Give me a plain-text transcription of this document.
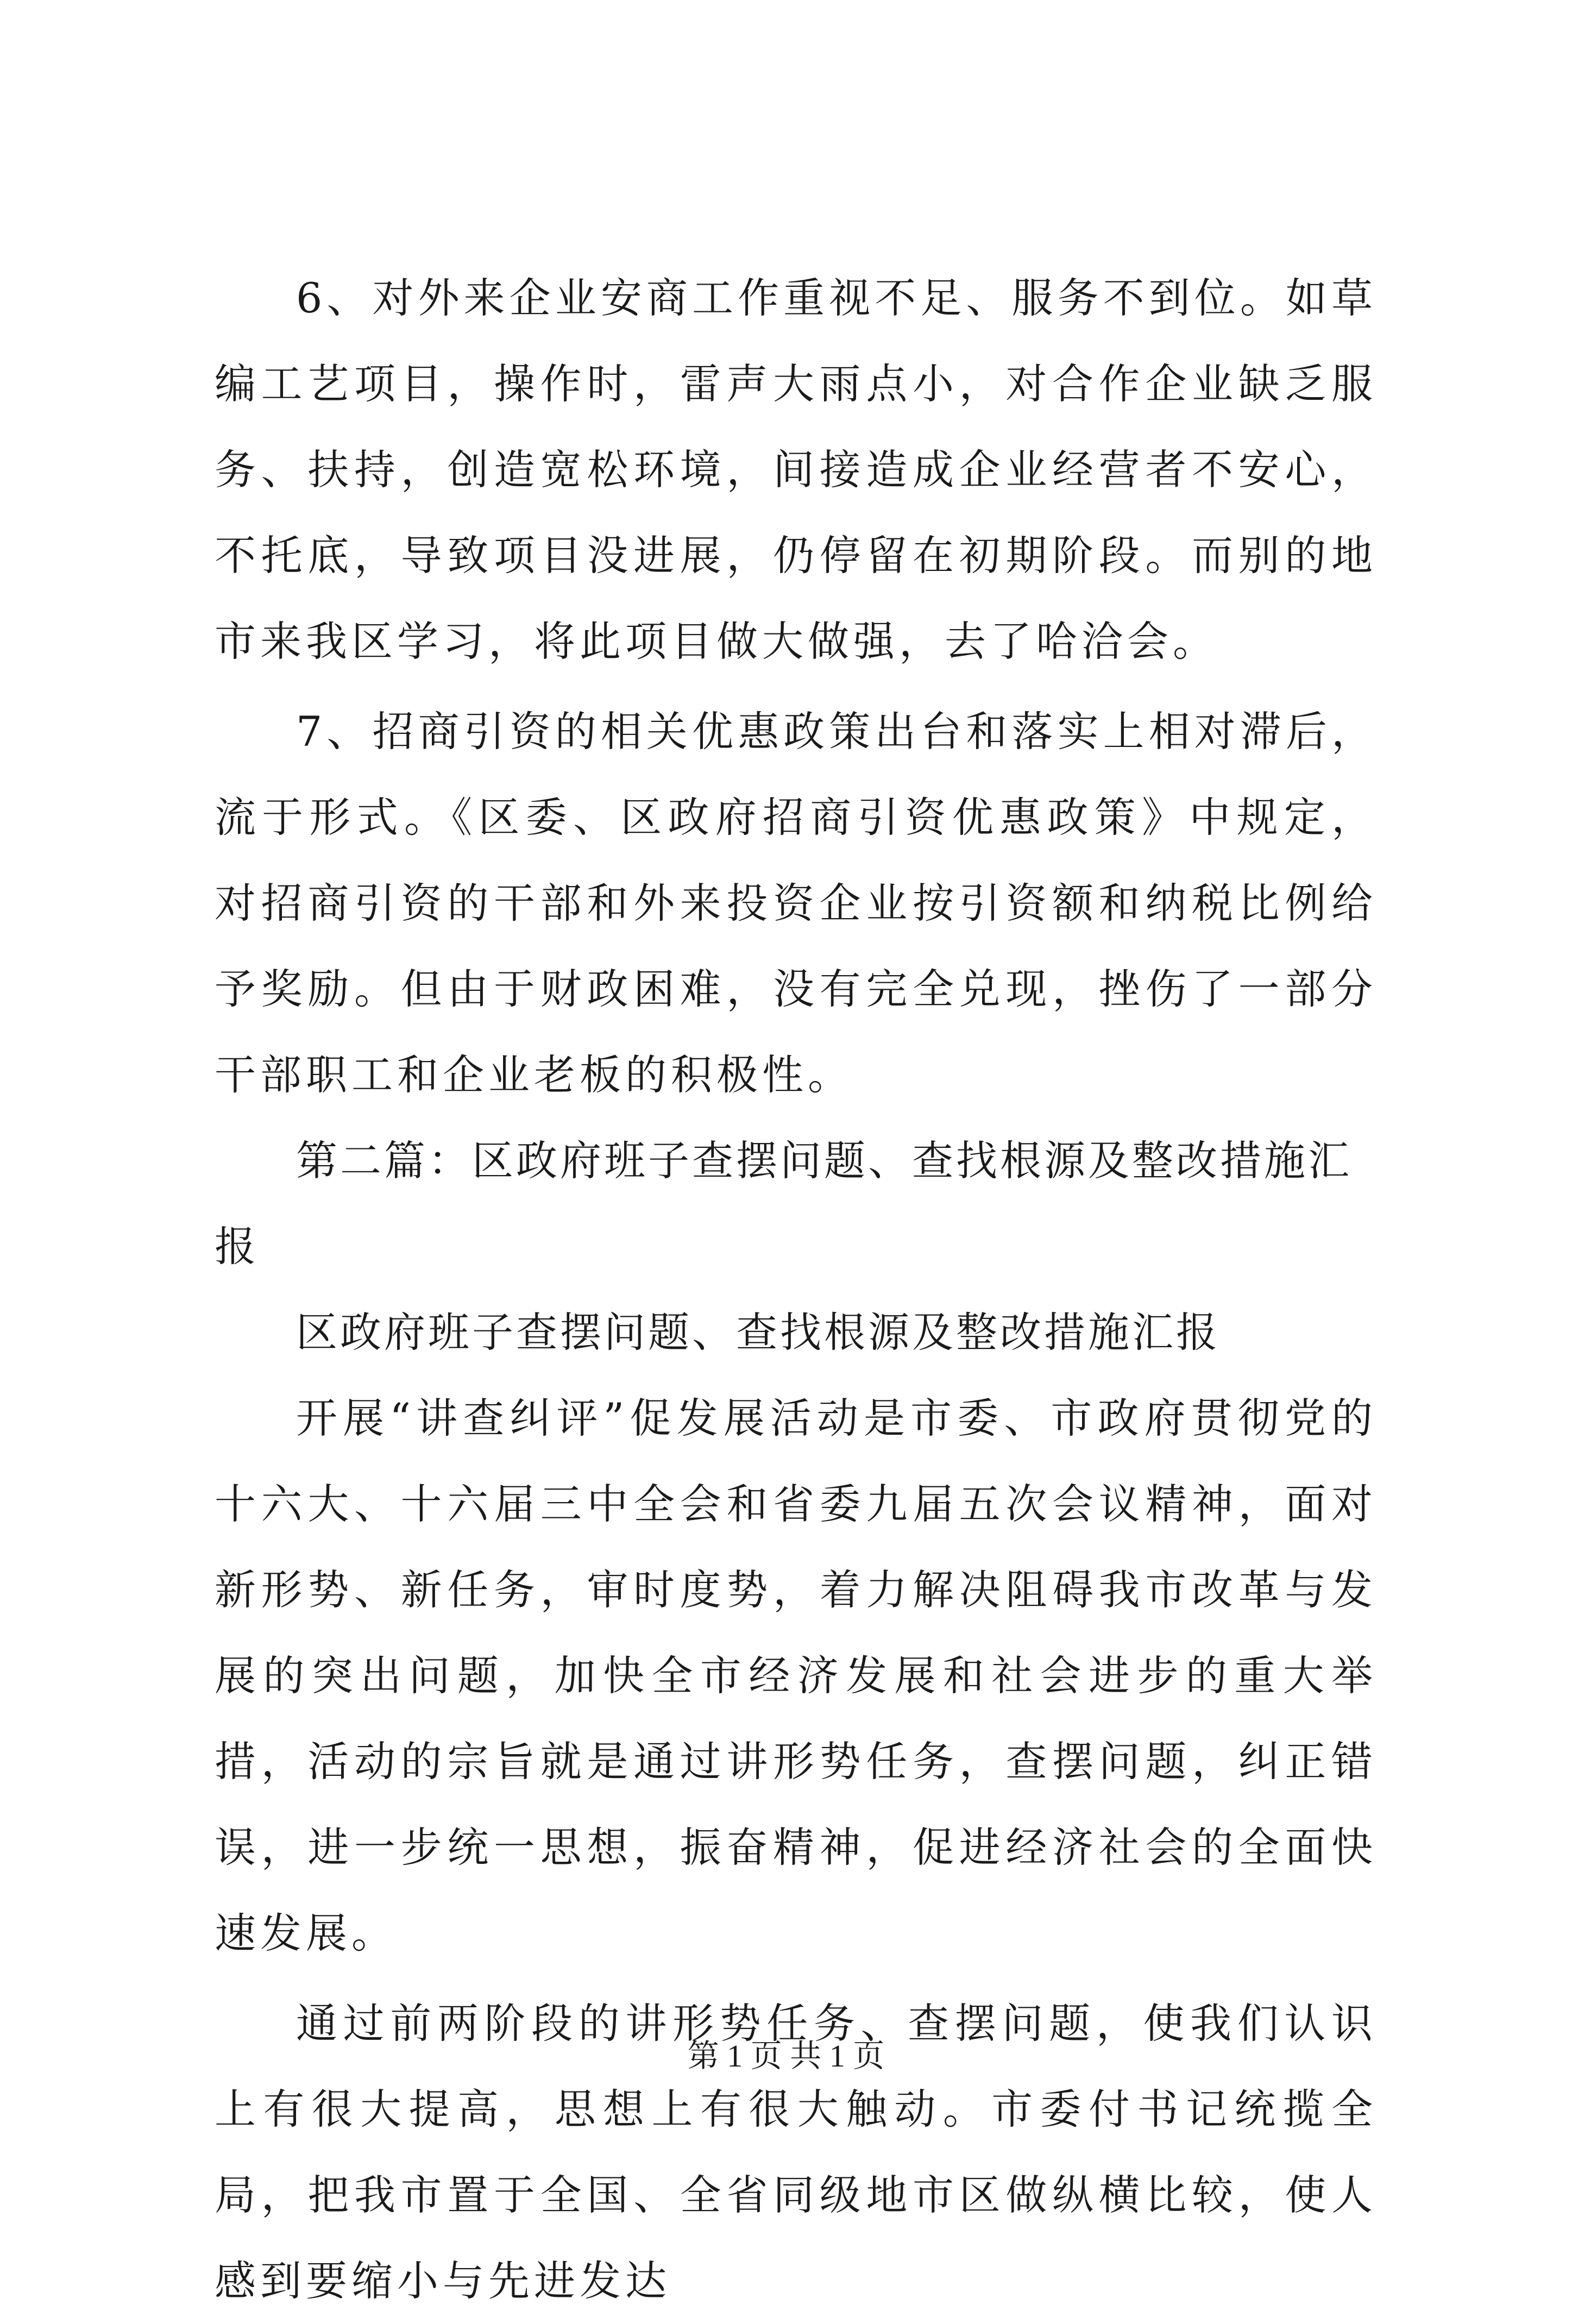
6、对外来企业安商工作重视不足、服务不到位。如草编工艺项目，操作时，雷声大雨点小，对合作企业缺乏服务、扶持，创造宽松环境，间接造成企业经营者不安心，不托底，导致项目没进展，仍停留在初期阶段。而别的地市来我区学习，将此项目做大做强，去了哈洽会。

7、招商引资的相关优惠政策出台和落实上相对滞后，流于形式。《区委、区政府招商引资优惠政策》中规定，对招商引资的干部和外来投资企业按引资额和纳税比例给予奖励。但由于财政困难，没有完全兑现，挫伤了一部分干部职工和企业老板的积极性。

第二篇：区政府班子查摆问题、查找根源及整改措施汇报

区政府班子查摆问题、查找根源及整改措施汇报

开展“讲查纠评”促发展活动是市委、市政府贯彻党的十六大、十六届三中全会和省委九届五次会议精神，面对新形势、新任务，审时度势，着力解决阻碍我市改革与发展的突出问题，加快全市经济发展和社会进步的重大举措，活动的宗旨就是通过讲形势任务，查摆问题，纠正错误，进一步统一思想，振奋精神，促进经济社会的全面快速发展。

通过前两阶段的讲形势任务、查摆问题，使我们认识上有很大提高，思想上有很大触动。市委付书记统揽全局，把我市置于全国、全省同级地市区做纵横比较，使人感到要缩小与先进发达

第 1 页 共 1 页
